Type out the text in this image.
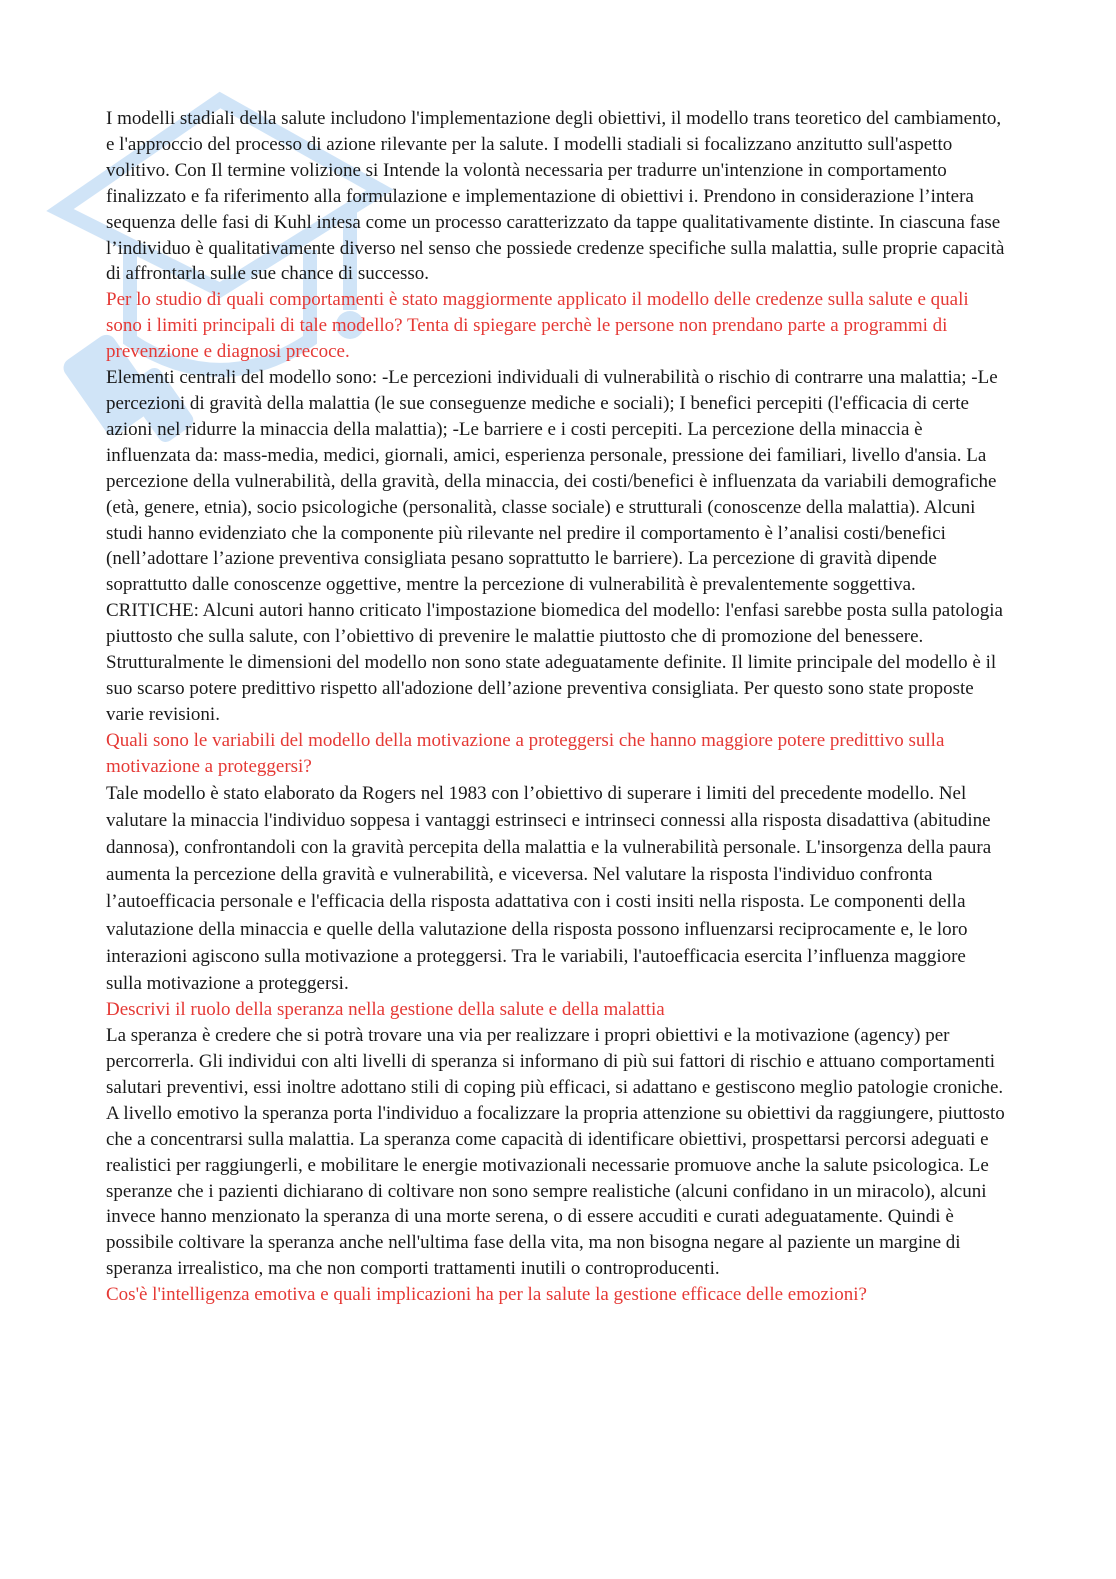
I modelli stadiali della salute includono l'implementazione degli obiettivi, il modello trans teoretico del cambiamento, e l'approccio del processo di azione rilevante per la salute. I modelli stadiali si focalizzano anzitutto sull'aspetto volitivo. Con Il termine volizione si Intende la volontà necessaria per tradurre un'intenzione in comportamento finalizzato e fa riferimento alla formulazione e implementazione di obiettivi i. Prendono in considerazione l’intera sequenza delle fasi di Kuhl intesa come un processo caratterizzato da tappe qualitativamente distinte. In ciascuna fase l’individuo è qualitativamente diverso nel senso che possiede credenze specifiche sulla malattia, sulle proprie capacità di affrontarla sulle sue chance di successo.

Per lo studio di quali comportamenti è stato maggiormente applicato il modello delle credenze sulla salute e quali sono i limiti principali di tale modello? Tenta di spiegare perchè le persone non prendano parte a programmi di prevenzione e diagnosi precoce.

Elementi centrali del modello sono: -Le percezioni individuali di vulnerabilità o rischio di contrarre una malattia; -Le percezioni di gravità della malattia (le sue conseguenze mediche e sociali); I benefici percepiti (l'efficacia di certe azioni nel ridurre la minaccia della malattia); -Le barriere e i costi percepiti. La percezione della minaccia è influenzata da: mass-media, medici, giornali, amici, esperienza personale, pressione dei familiari, livello d'ansia. La percezione della vulnerabilità, della gravità, della minaccia, dei costi/benefici è influenzata da variabili demografiche (età, genere, etnia), socio psicologiche (personalità, classe sociale) e strutturali (conoscenze della malattia). Alcuni studi hanno evidenziato che la componente più rilevante nel predire il comportamento è l’analisi costi/benefici (nell’adottare l’azione preventiva consigliata pesano soprattutto le barriere). La percezione di gravità dipende soprattutto dalle conoscenze oggettive, mentre la percezione di vulnerabilità è prevalentemente soggettiva.

CRITICHE: Alcuni autori hanno criticato l'impostazione biomedica del modello: l'enfasi sarebbe posta sulla patologia piuttosto che sulla salute, con l’obiettivo di prevenire le malattie piuttosto che di promozione del benessere. Strutturalmente le dimensioni del modello non sono state adeguatamente definite. Il limite principale del modello è il suo scarso potere predittivo rispetto all'adozione dell’azione preventiva consigliata. Per questo sono state proposte varie revisioni.

Quali sono le variabili del modello della motivazione a proteggersi che hanno maggiore potere predittivo sulla motivazione a proteggersi?

Tale modello è stato elaborato da Rogers nel 1983 con l’obiettivo di superare i limiti del precedente modello. Nel valutare la minaccia l'individuo soppesa i vantaggi estrinseci e intrinseci connessi alla risposta disadattiva (abitudine dannosa), confrontandoli con la gravità percepita della malattia e la vulnerabilità personale. L'insorgenza della paura aumenta la percezione della gravità e vulnerabilità, e viceversa. Nel valutare la risposta l'individuo confronta l’autoefficacia personale e l'efficacia della risposta adattativa con i costi insiti nella risposta. Le componenti della valutazione della minaccia e quelle della valutazione della risposta possono influenzarsi reciprocamente e, le loro interazioni agiscono sulla motivazione a proteggersi. Tra le variabili, l'autoefficacia esercita l’influenza maggiore sulla motivazione a proteggersi.

Descrivi il ruolo della speranza nella gestione della salute e della malattia

La speranza è credere che si potrà trovare una via per realizzare i propri obiettivi e la motivazione (agency) per percorrerla. Gli individui con alti livelli di speranza si informano di più sui fattori di rischio e attuano comportamenti salutari preventivi, essi inoltre adottano stili di coping più efficaci, si adattano e gestiscono meglio patologie croniche. A livello emotivo la speranza porta l'individuo a focalizzare la propria attenzione su obiettivi da raggiungere, piuttosto che a concentrarsi sulla malattia. La speranza come capacità di identificare obiettivi, prospettarsi percorsi adeguati e realistici per raggiungerli, e mobilitare le energie motivazionali necessarie promuove anche la salute psicologica. Le speranze che i pazienti dichiarano di coltivare non sono sempre realistiche (alcuni confidano in un miracolo), alcuni invece hanno menzionato la speranza di una morte serena, o di essere accuditi e curati adeguatamente. Quindi è possibile coltivare la speranza anche nell'ultima fase della vita, ma non bisogna negare al paziente un margine di speranza irrealistico, ma che non comporti trattamenti inutili o controproducenti.

Cos'è l'intelligenza emotiva e quali implicazioni ha per la salute la gestione efficace delle emozioni?
